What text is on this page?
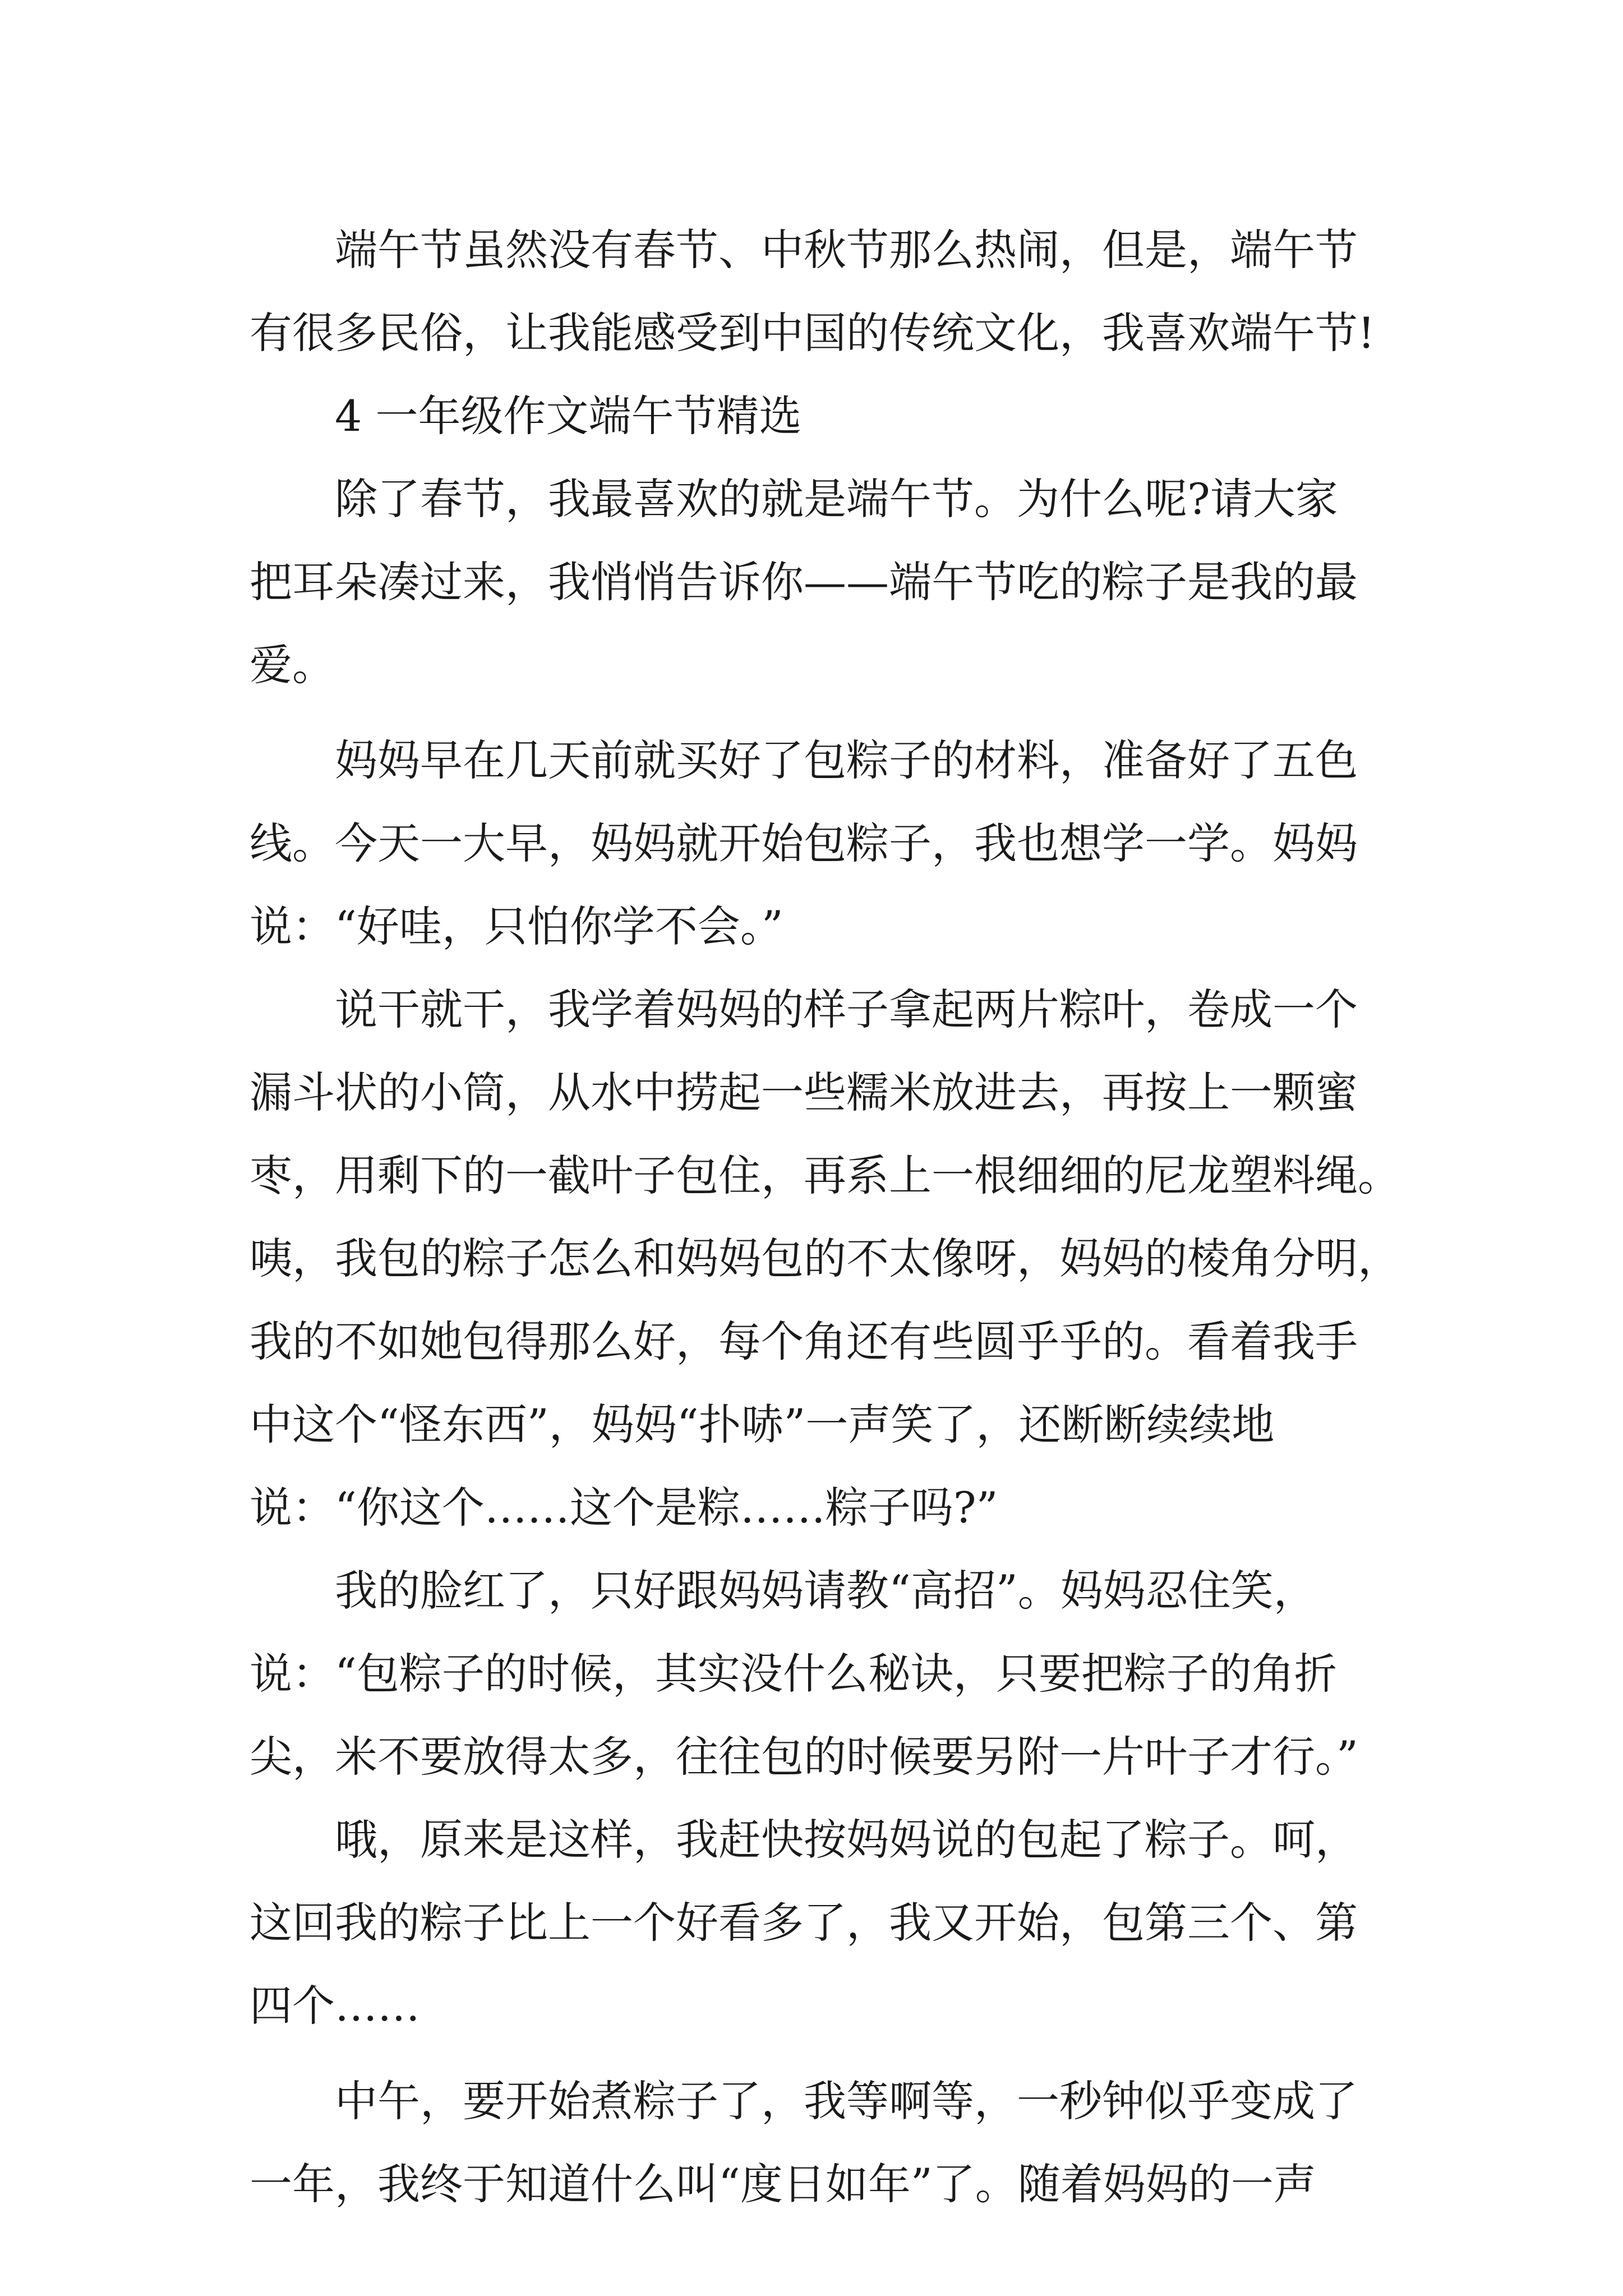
端午节虽然没有春节、中秋节那么热闹，但是，端午节
有很多民俗，让我能感受到中国的传统文化，我喜欢端午节!
4 一年级作文端午节精选
除了春节，我最喜欢的就是端午节。为什么呢?请大家
把耳朵凑过来，我悄悄告诉你——端午节吃的粽子是我的最
爱。
妈妈早在几天前就买好了包粽子的材料，准备好了五色
线。今天一大早，妈妈就开始包粽子，我也想学一学。妈妈
说：“好哇，只怕你学不会。”
说干就干，我学着妈妈的样子拿起两片粽叶，卷成一个
漏斗状的小筒，从水中捞起一些糯米放进去，再按上一颗蜜
枣，用剩下的一截叶子包住，再系上一根细细的尼龙塑料绳。
咦，我包的粽子怎么和妈妈包的不太像呀，妈妈的棱角分明，
我的不如她包得那么好，每个角还有些圆乎乎的。看着我手
中这个“怪东西”，妈妈“扑哧”一声笑了，还断断续续地
说：“你这个……这个是粽……粽子吗?”
我的脸红了，只好跟妈妈请教“高招”。妈妈忍住笑，
说：“包粽子的时候，其实没什么秘诀，只要把粽子的角折
尖，米不要放得太多，往往包的时候要另附一片叶子才行。”
哦，原来是这样，我赶快按妈妈说的包起了粽子。呵，
这回我的粽子比上一个好看多了，我又开始，包第三个、第
四个……
中午，要开始煮粽子了，我等啊等，一秒钟似乎变成了
一年，我终于知道什么叫“度日如年”了。随着妈妈的一声
